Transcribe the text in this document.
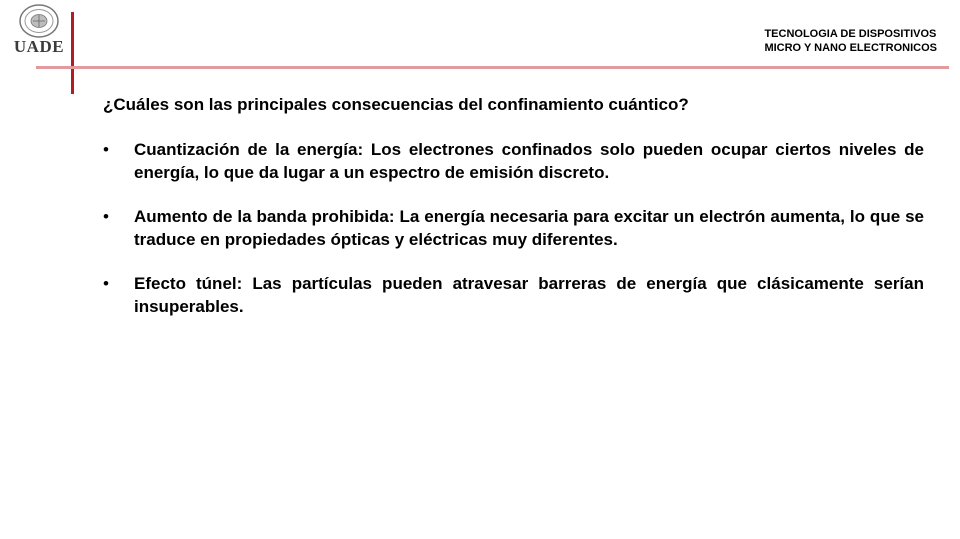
UADE
TECNOLOGIA DE DISPOSITIVOS
MICRO Y NANO ELECTRONICOS
¿Cuáles son las principales consecuencias del confinamiento cuántico?
• Cuantización de la energía: Los electrones confinados solo pueden ocupar ciertos niveles de energía, lo que da lugar a un espectro de emisión discreto.
• Aumento de la banda prohibida: La energía necesaria para excitar un electrón aumenta, lo que se traduce en propiedades ópticas y eléctricas muy diferentes.
• Efecto túnel: Las partículas pueden atravesar barreras de energía que clásicamente serían insuperables.
